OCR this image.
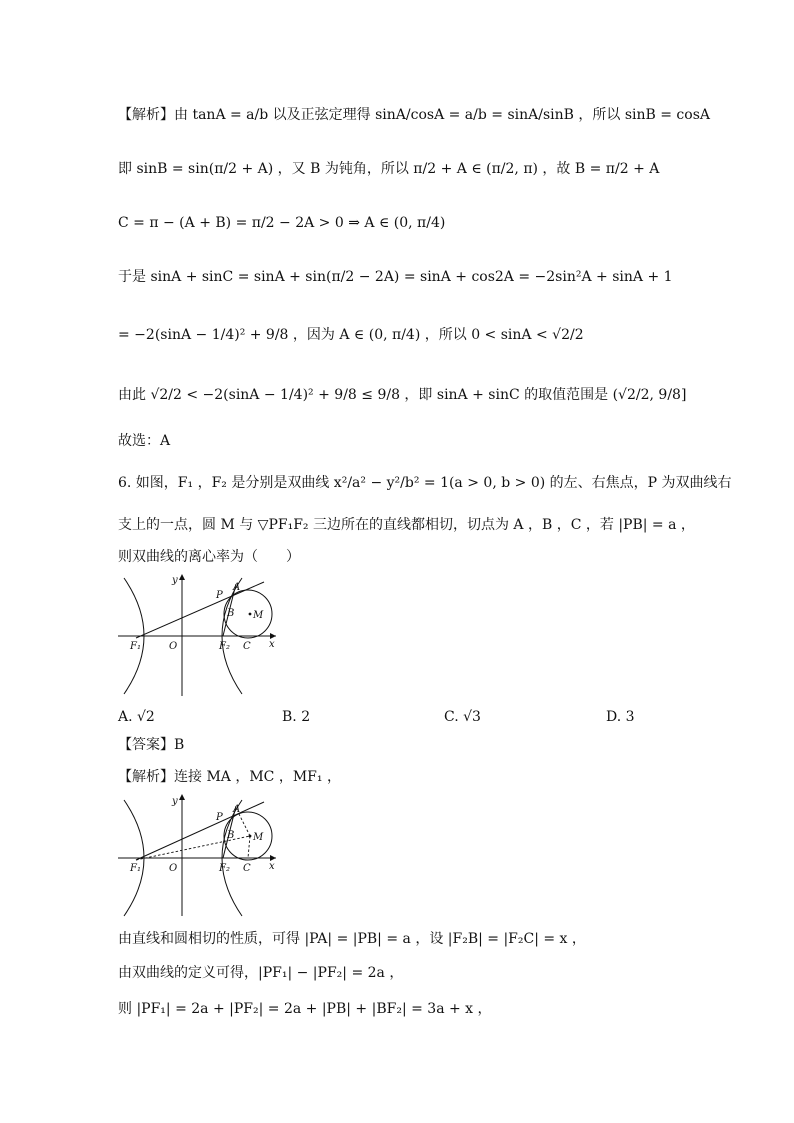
【解析】由 tanA = a/b 以及正弦定理得 sinA/cosA = a/b = sinA/sinB ，所以 sinB = cosA
即 sinB = sin(π/2 + A) ，又 B 为钝角，所以 π/2 + A ∈ (π/2, π) ，故 B = π/2 + A
C = π − (A + B) = π/2 − 2A > 0 ⇒ A ∈ (0, π/4)
于是 sinA + sinC = sinA + sin(π/2 − 2A) = sinA + cos2A = −2sin²A + sinA + 1
= −2(sinA − 1/4)² + 9/8 ，因为 A ∈ (0, π/4) ，所以 0 < sinA < √2/2
由此 √2/2 < −2(sinA − 1/4)² + 9/8 ≤ 9/8 ，即 sinA + sinC 的取值范围是 (√2/2, 9/8]
故选：A
6. 如图，F₁ ，F₂ 是分别是双曲线 x²/a² − y²/b² = 1(a > 0, b > 0) 的左、右焦点，P 为双曲线右
支上的一点，圆 M 与 ▽PF₁F₂ 三边所在的直线都相切，切点为 A ，B ，C ，若 |PB| = a ，
则双曲线的离心率为（　　）
y
x
P
A
B M
F₁	O	F₂ C
A. √2	B. 2	C. √3	D. 3
【答案】B
【解析】连接 MA ，MC ，MF₁ ，
y
x
P
A
B M
F₁	O	F₂ C
由直线和圆相切的性质，可得 |PA| = |PB| = a ，设 |F₂B| = |F₂C| = x ，
由双曲线的定义可得，|PF₁| − |PF₂| = 2a ，
则 |PF₁| = 2a + |PF₂| = 2a + |PB| + |BF₂| = 3a + x ，
